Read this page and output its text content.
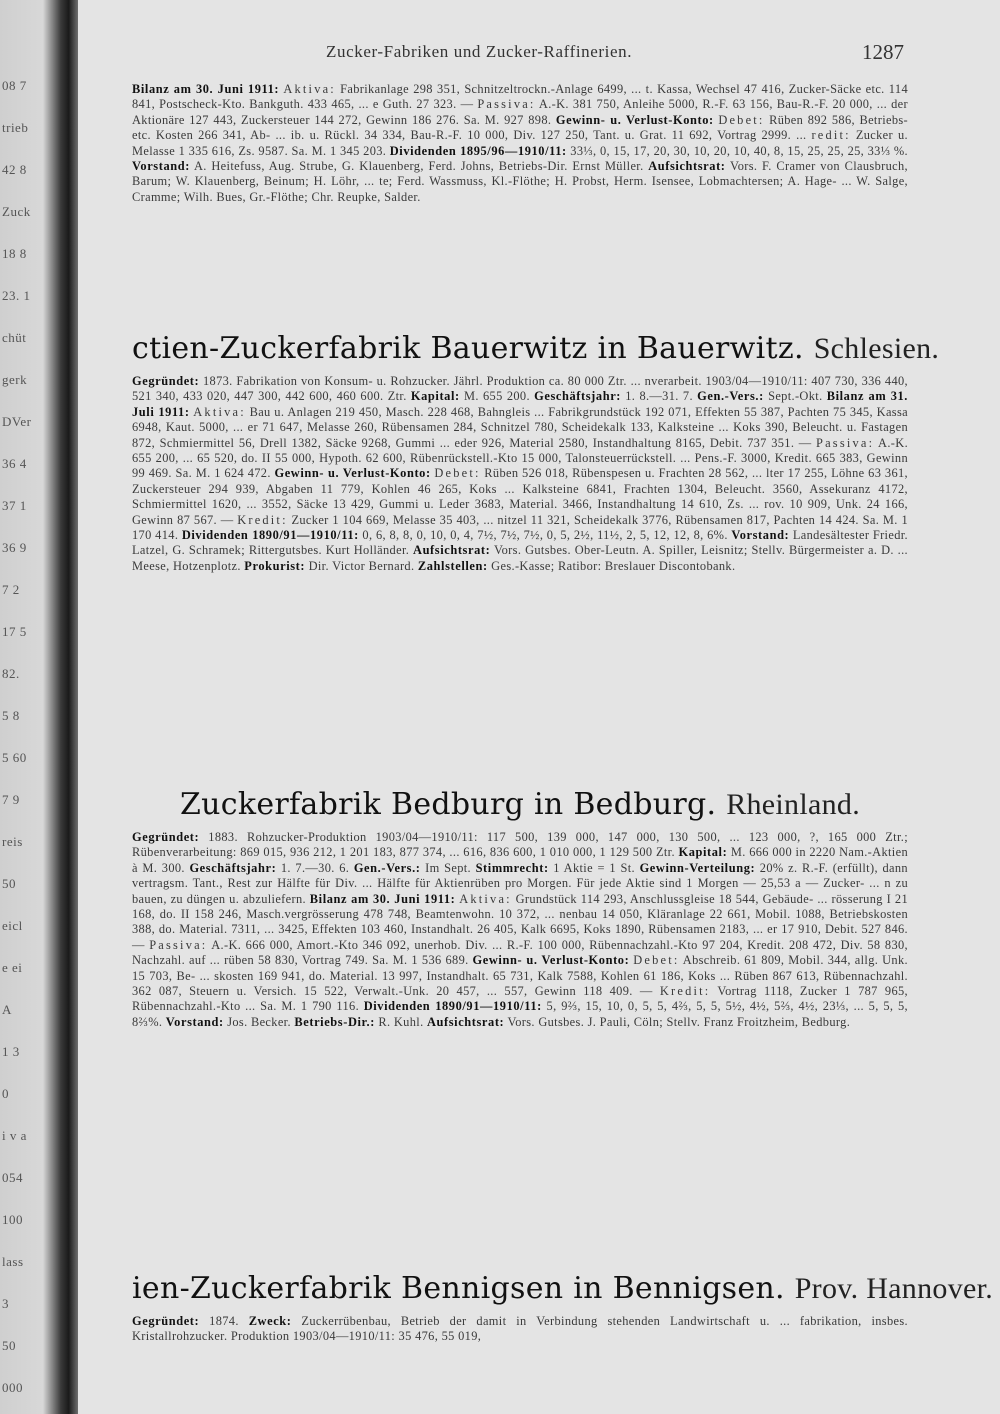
08 7
trieb
42 8
Zuck
18 8
23. 1
chüt
gerk
DVer
36 4
37 1
36 9
7 2
17 5
82.
5 8
5 60
7 9
reis
50
eicl
e ei
A
1 3
0
i v a
054
100
lass
3
50
000
Zucker-Fabriken und Zucker-Raffinerien.	1287

Bilanz am 30. Juni 1911: Aktiva: Fabrikanlage 298 351, Schnitzeltrockn.-Anlage 6499, ... t. Kassa, Wechsel 47 416, Zucker-Säcke etc. 114 841, Postscheck-Kto. Bankguth. 433 465, ... e Guth. 27 323. — Passiva: A.-K. 381 750, Anleihe 5000, R.-F. 63 156, Bau-R.-F. 20 000, ... der Aktionäre 127 443, Zuckersteuer 144 272, Gewinn 186 276. Sa. M. 927 898. Gewinn- u. Verlust-Konto: Debet: Rüben 892 586, Betriebs- etc. Kosten 266 341, Ab- ... ib. u. Rückl. 34 334, Bau-R.-F. 10 000, Div. 127 250, Tant. u. Grat. 11 692, Vortrag 2999. ... redit: Zucker u. Melasse 1 335 616, Zs. 9587. Sa. M. 1 345 203. Dividenden 1895/96—1910/11: 33⅓, 0, 15, 17, 20, 30, 10, 20, 10, 40, 8, 15, 25, 25, 25, 33⅓ %. Vorstand: A. Heitefuss, Aug. Strube, G. Klauenberg, Ferd. Johns, Betriebs-Dir. Ernst Müller. Aufsichtsrat: Vors. F. Cramer von Clausbruch, Barum; W. Klauenberg, Beinum; H. Löhr, ... te; Ferd. Wassmuss, Kl.-Flöthe; H. Probst, Herm. Isensee, Lobmachtersen; A. Hage- ... W. Salge, Cramme; Wilh. Bues, Gr.-Flöthe; Chr. Reupke, Salder.

ctien-Zuckerfabrik Bauerwitz in Bauerwitz. Schlesien.

Gegründet: 1873. Fabrikation von Konsum- u. Rohzucker. Jährl. Produktion ca. 80 000 Ztr. ... nverarbeit. 1903/04—1910/11: 407 730, 336 440, 521 340, 433 020, 447 300, 442 600, 460 600. Ztr. Kapital: M. 655 200. Geschäftsjahr: 1. 8.—31. 7. Gen.-Vers.: Sept.-Okt. Bilanz am 31. Juli 1911: Aktiva: Bau u. Anlagen 219 450, Masch. 228 468, Bahngleis ... Fabrikgrundstück 192 071, Effekten 55 387, Pachten 75 345, Kassa 6948, Kaut. 5000, ... er 71 647, Melasse 260, Rübensamen 284, Schnitzel 780, Scheidekalk 133, Kalksteine ... Koks 390, Beleucht. u. Fastagen 872, Schmiermittel 56, Drell 1382, Säcke 9268, Gummi ... eder 926, Material 2580, Instandhaltung 8165, Debit. 737 351. — Passiva: A.-K. 655 200, ... 65 520, do. II 55 000, Hypoth. 62 600, Rübenrückstell.-Kto 15 000, Talonsteuerrückstell. ... Pens.-F. 3000, Kredit. 665 383, Gewinn 99 469. Sa. M. 1 624 472. Gewinn- u. Verlust-Konto: Debet: Rüben 526 018, Rübenspesen u. Frachten 28 562, ... lter 17 255, Löhne 63 361, Zuckersteuer 294 939, Abgaben 11 779, Kohlen 46 265, Koks ... Kalksteine 6841, Frachten 1304, Beleucht. 3560, Assekuranz 4172, Schmiermittel 1620, ... 3552, Säcke 13 429, Gummi u. Leder 3683, Material. 3466, Instandhaltung 14 610, Zs. ... rov. 10 909, Unk. 24 166, Gewinn 87 567. — Kredit: Zucker 1 104 669, Melasse 35 403, ... nitzel 11 321, Scheidekalk 3776, Rübensamen 817, Pachten 14 424. Sa. M. 1 170 414. Dividenden 1890/91—1910/11: 0, 6, 8, 8, 0, 10, 0, 4, 7½, 7½, 7½, 0, 5, 2½, 11½, 2, 5, 12, 12, 8, 6%. Vorstand: Landesältester Friedr. Latzel, G. Schramek; Rittergutsbes. Kurt Holländer. Aufsichtsrat: Vors. Gutsbes. Ober-Leutn. A. Spiller, Leisnitz; Stellv. Bürgermeister a. D. ... Meese, Hotzenplotz. Prokurist: Dir. Victor Bernard. Zahlstellen: Ges.-Kasse; Ratibor: Breslauer Discontobank.

Zuckerfabrik Bedburg in Bedburg. Rheinland.

Gegründet: 1883. Rohzucker-Produktion 1903/04—1910/11: 117 500, 139 000, 147 000, 130 500, ... 123 000, ?, 165 000 Ztr.; Rübenverarbeitung: 869 015, 936 212, 1 201 183, 877 374, ... 616, 836 600, 1 010 000, 1 129 500 Ztr. Kapital: M. 666 000 in 2220 Nam.-Aktien à M. 300. Geschäftsjahr: 1. 7.—30. 6. Gen.-Vers.: Im Sept. Stimmrecht: 1 Aktie = 1 St. Gewinn-Verteilung: 20% z. R.-F. (erfüllt), dann vertragsm. Tant., Rest zur Hälfte für Div. ... Hälfte für Aktienrüben pro Morgen. Für jede Aktie sind 1 Morgen — 25,53 a — Zucker- ... n zu bauen, zu düngen u. abzuliefern. Bilanz am 30. Juni 1911: Aktiva: Grundstück 114 293, Anschlussgleise 18 544, Gebäude- ... rösserung I 21 168, do. II 158 246, Masch.vergrösserung 478 748, Beamtenwohn. 10 372, ... nenbau 14 050, Kläranlage 22 661, Mobil. 1088, Betriebskosten 388, do. Material. 7311, ... 3425, Effekten 103 460, Instandhalt. 26 405, Kalk 6695, Koks 1890, Rübensamen 2183, ... er 17 910, Debit. 527 846. — Passiva: A.-K. 666 000, Amort.-Kto 346 092, unerhob. Div. ... R.-F. 100 000, Rübennachzahl.-Kto 97 204, Kredit. 208 472, Div. 58 830, Nachzahl. auf ... rüben 58 830, Vortrag 749. Sa. M. 1 536 689. Gewinn- u. Verlust-Konto: Debet: Abschreib. 61 809, Mobil. 344, allg. Unk. 15 703, Be- ... skosten 169 941, do. Material. 13 997, Instandhalt. 65 731, Kalk 7588, Kohlen 61 186, Koks ... Rüben 867 613, Rübennachzahl. 362 087, Steuern u. Versich. 15 522, Verwalt.-Unk. 20 457, ... 557, Gewinn 118 409. — Kredit: Vortrag 1118, Zucker 1 787 965, Rübennachzahl.-Kto ... Sa. M. 1 790 116. Dividenden 1890/91—1910/11: 5, 9⅔, 15, 10, 0, 5, 5, 4⅔, 5, 5, 5½, 4½, 5⅔, 4½, 23⅓, ... 5, 5, 5, 8⅔%. Vorstand: Jos. Becker. Betriebs-Dir.: R. Kuhl. Aufsichtsrat: Vors. Gutsbes. J. Pauli, Cöln; Stellv. Franz Froitzheim, Bedburg.

ien-Zuckerfabrik Bennigsen in Bennigsen. Prov. Hannover.

Gegründet: 1874. Zweck: Zuckerrübenbau, Betrieb der damit in Verbindung stehenden Landwirtschaft u. ... fabrikation, insbes. Kristallrohzucker. Produktion 1903/04—1910/11: 35 476, 55 019,
